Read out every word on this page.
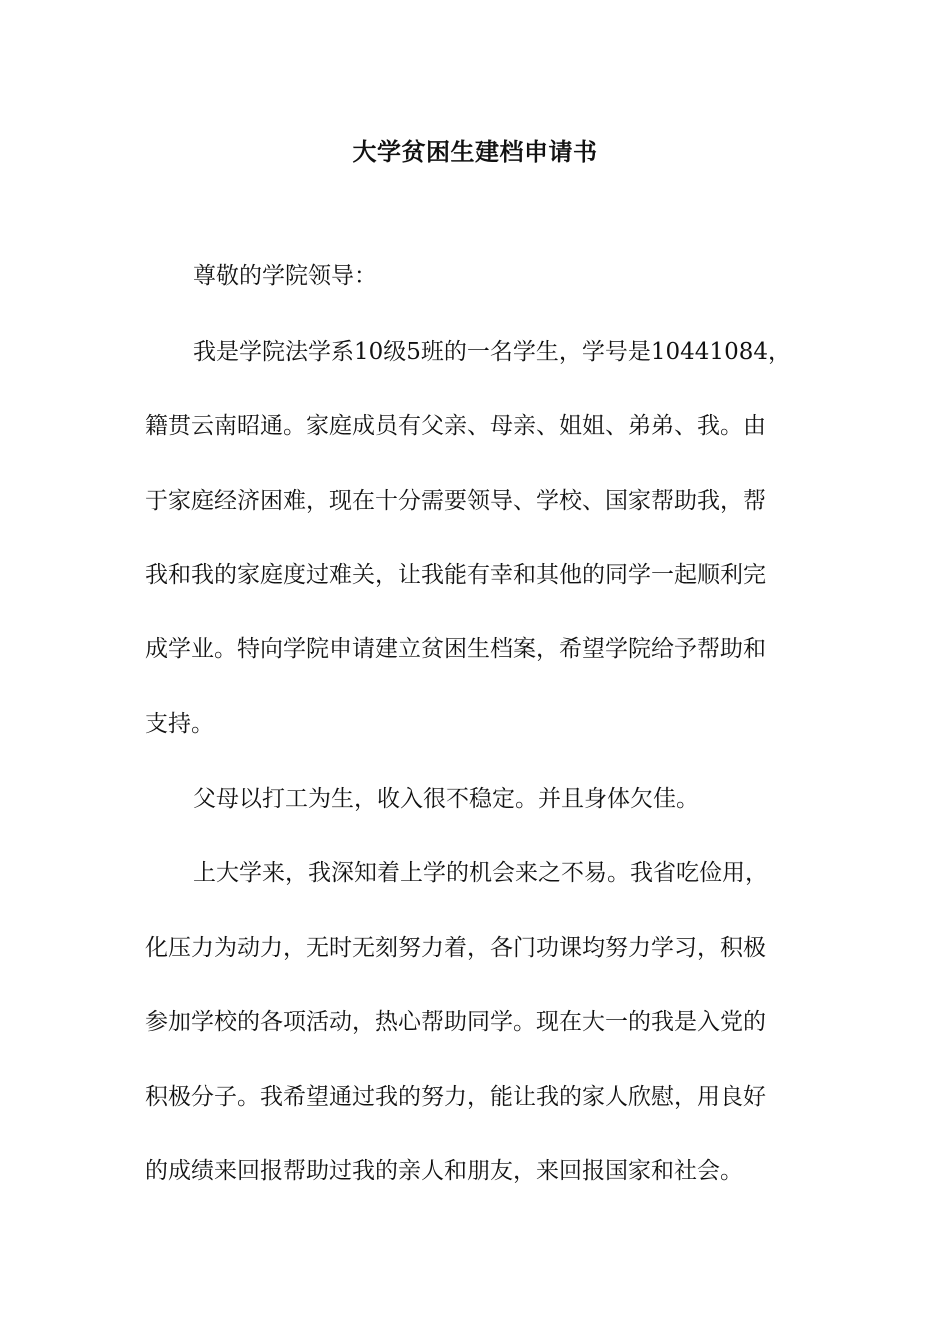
大学贫困生建档申请书
尊敬的学院领导：
我是学院法学系10级5班的一名学生，学号是10441084，
籍贯云南昭通。家庭成员有父亲、母亲、姐姐、弟弟、我。由
于家庭经济困难，现在十分需要领导、学校、国家帮助我，帮
我和我的家庭度过难关，让我能有幸和其他的同学一起顺利完
成学业。特向学院申请建立贫困生档案，希望学院给予帮助和
支持。
父母以打工为生，收入很不稳定。并且身体欠佳。
上大学来，我深知着上学的机会来之不易。我省吃俭用，
化压力为动力，无时无刻努力着，各门功课均努力学习，积极
参加学校的各项活动，热心帮助同学。现在大一的我是入党的
积极分子。我希望通过我的努力，能让我的家人欣慰，用良好
的成绩来回报帮助过我的亲人和朋友，来回报国家和社会。
